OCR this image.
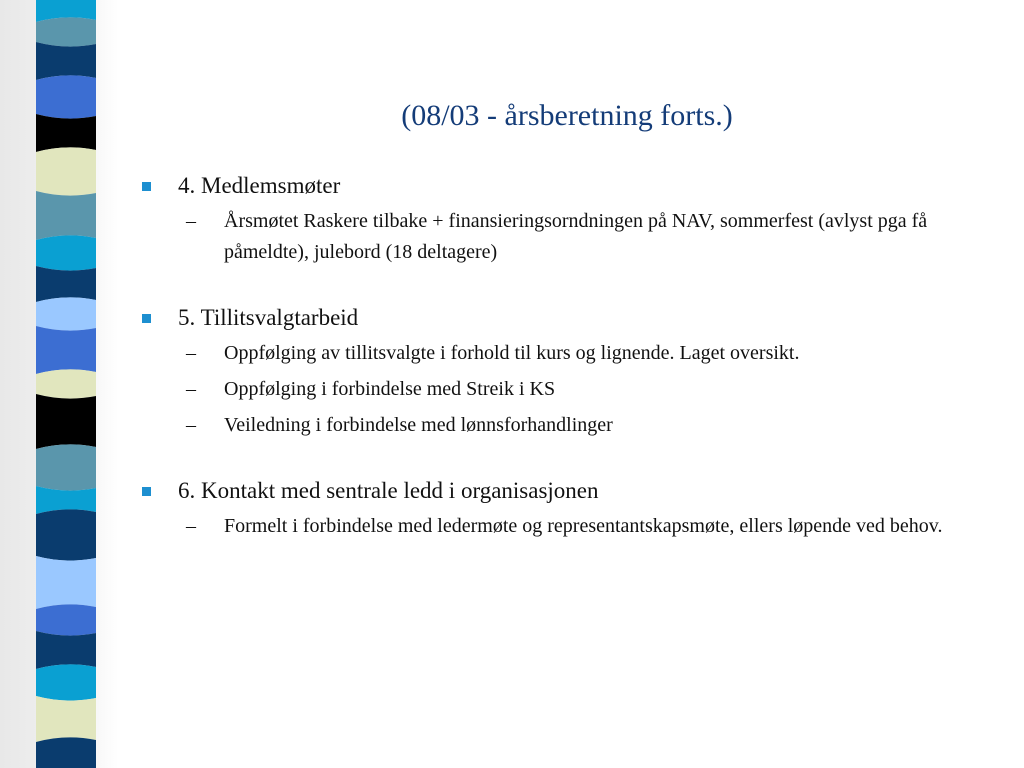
(08/03 - årsberetning forts.)
4. Medlemsmøter
– Årsmøtet Raskere tilbake + finansieringsorndningen på NAV, sommerfest (avlyst pga få påmeldte), julebord (18 deltagere)
5. Tillitsvalgtarbeid
– Oppfølging av tillitsvalgte i forhold til kurs og lignende. Laget oversikt.
– Oppfølging i forbindelse med Streik i KS
– Veiledning i forbindelse med lønnsforhandlinger
6. Kontakt med sentrale ledd i organisasjonen
– Formelt i forbindelse med ledermøte og representantskapsmøte, ellers løpende ved behov.
